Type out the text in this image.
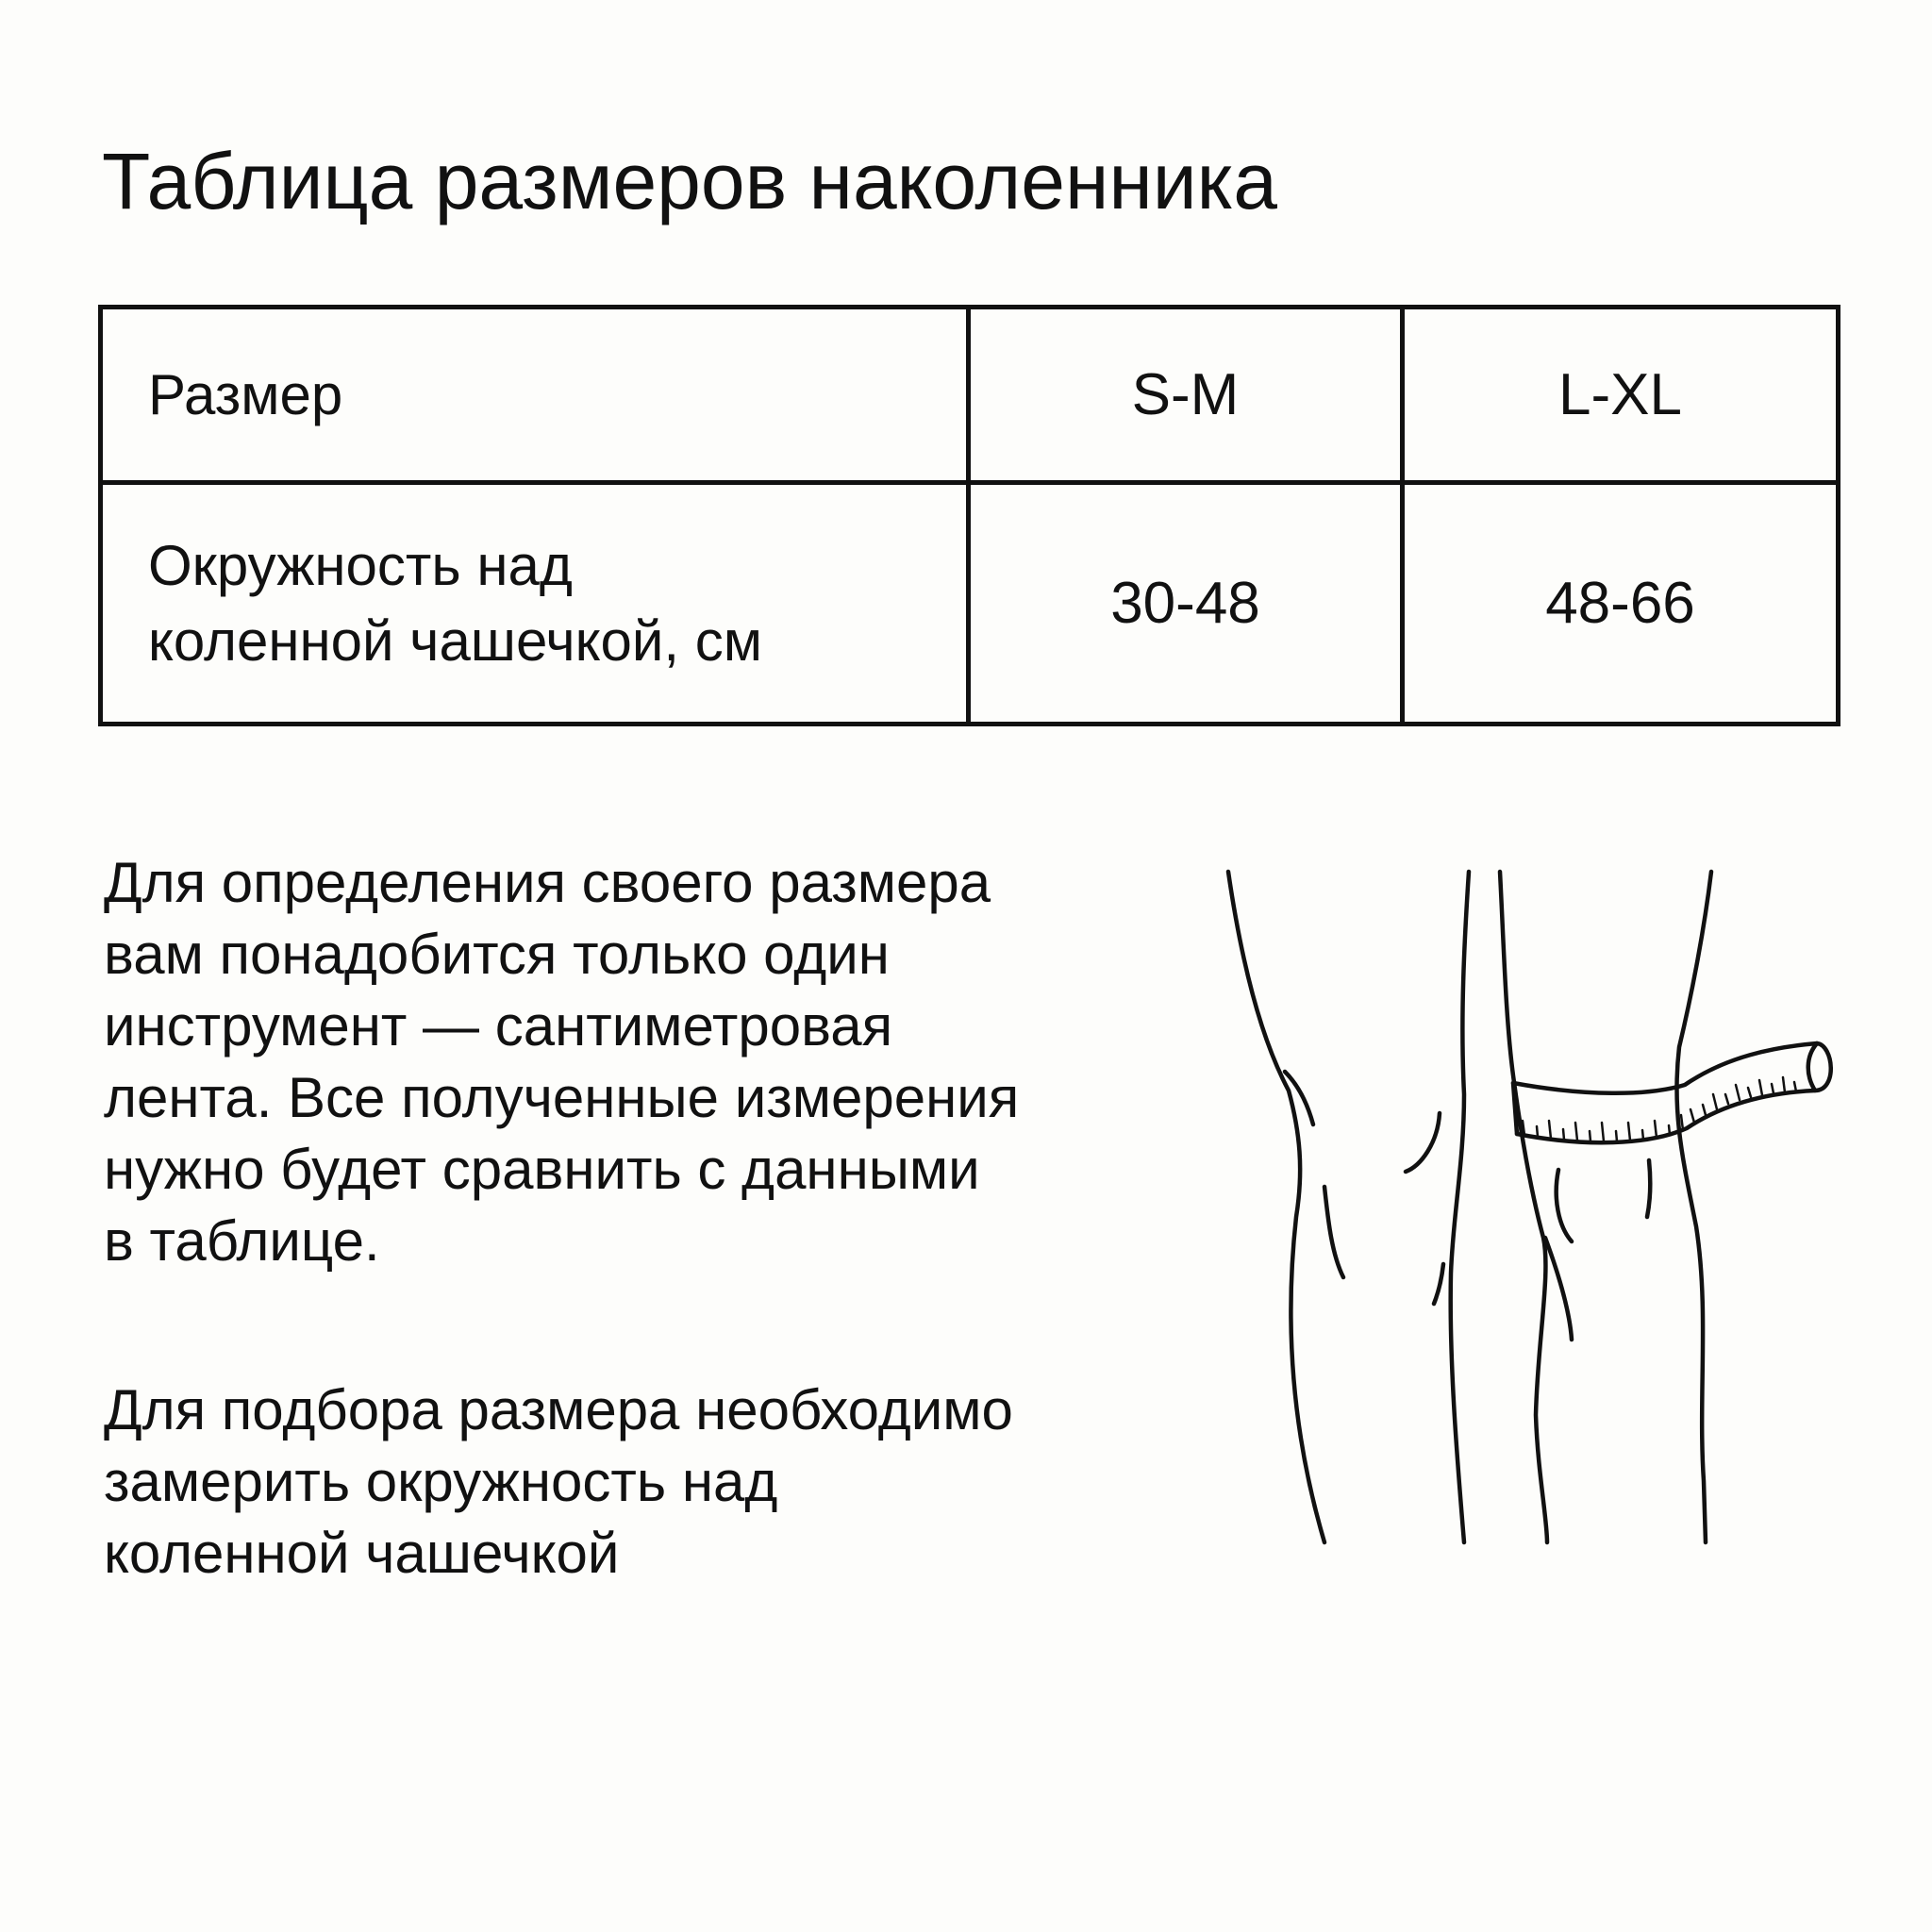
Таблица размеров наколенника
Размер	S-M	L-XL

Окружность над
коленной чашечкой, см	30-48	48-66
Для определения своего размера
вам понадобится только один
инструмент — сантиметровая
лента. Все полученные измерения
нужно будет сравнить с данными
в таблице.
Для подбора размера необходимо
замерить окружность над
коленной чашечкой
